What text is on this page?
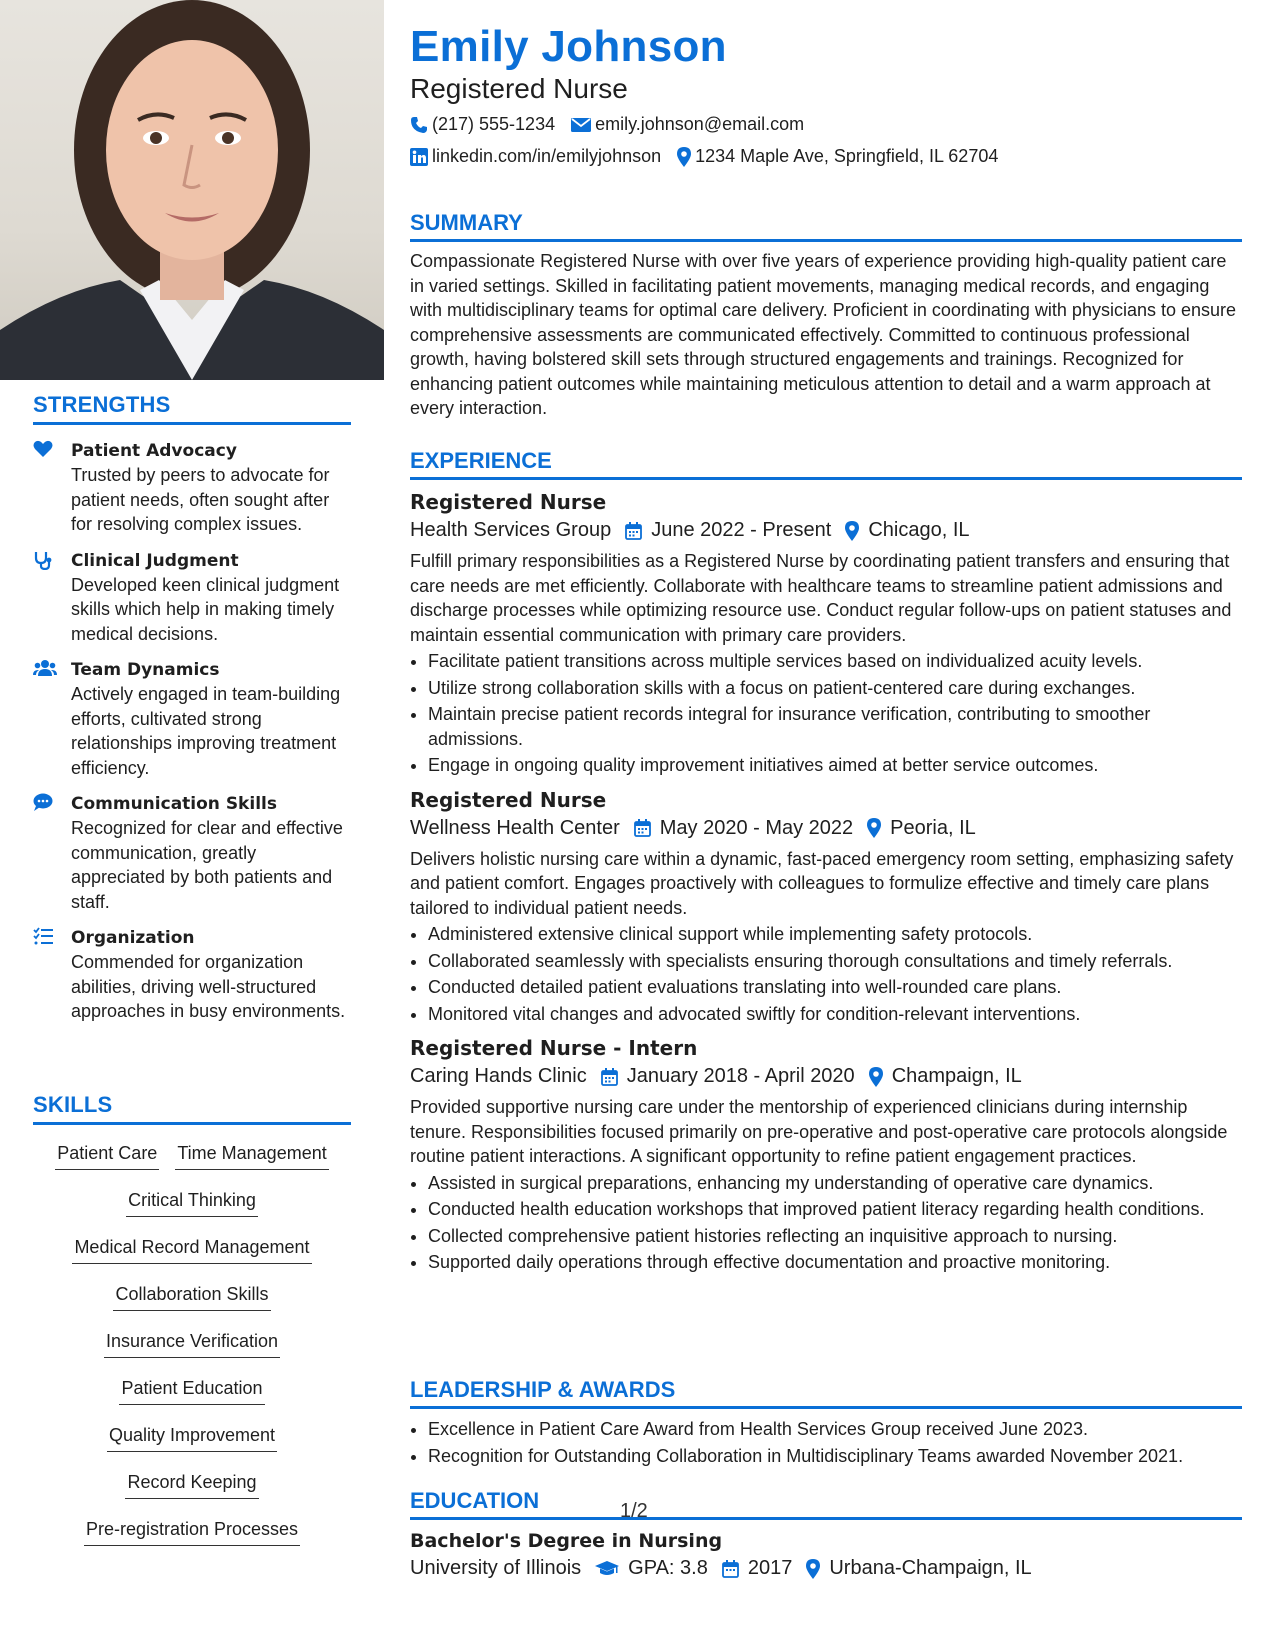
STRENGTHS
Patient Advocacy
Trusted by peers to advocate for patient needs, often sought after for resolving complex issues.
Clinical Judgment
Developed keen clinical judgment skills which help in making timely medical decisions.
Team Dynamics
Actively engaged in team-building efforts, cultivated strong relationships improving treatment efficiency.
Communication Skills
Recognized for clear and effective communication, greatly appreciated by both patients and staff.
Organization
Commended for organization abilities, driving well-structured approaches in busy environments.
SKILLS
Patient Care Time Management
Critical Thinking
Medical Record Management
Collaboration Skills
Insurance Verification
Patient Education
Quality Improvement
Record Keeping
Pre-registration Processes
Emily Johnson
Registered Nurse
(217) 555-1234 emily.johnson@email.com
linkedin.com/in/emilyjohnson 1234 Maple Ave, Springfield, IL 62704
SUMMARY
Compassionate Registered Nurse with over five years of experience providing high-quality patient care in varied settings. Skilled in facilitating patient movements, managing medical records, and engaging with multidisciplinary teams for optimal care delivery. Proficient in coordinating with physicians to ensure comprehensive assessments are communicated effectively. Committed to continuous professional growth, having bolstered skill sets through structured engagements and trainings. Recognized for enhancing patient outcomes while maintaining meticulous attention to detail and a warm approach at every interaction.
EXPERIENCE
Registered Nurse
Health Services Group June 2022 - Present Chicago, IL
Fulfill primary responsibilities as a Registered Nurse by coordinating patient transfers and ensuring that care needs are met efficiently. Collaborate with healthcare teams to streamline patient admissions and discharge processes while optimizing resource use. Conduct regular follow-ups on patient statuses and maintain essential communication with primary care providers.
• Facilitate patient transitions across multiple services based on individualized acuity levels.
• Utilize strong collaboration skills with a focus on patient-centered care during exchanges.
• Maintain precise patient records integral for insurance verification, contributing to smoother admissions.
• Engage in ongoing quality improvement initiatives aimed at better service outcomes.
Registered Nurse
Wellness Health Center May 2020 - May 2022 Peoria, IL
Delivers holistic nursing care within a dynamic, fast-paced emergency room setting, emphasizing safety and patient comfort. Engages proactively with colleagues to formulize effective and timely care plans tailored to individual patient needs.
• Administered extensive clinical support while implementing safety protocols.
• Collaborated seamlessly with specialists ensuring thorough consultations and timely referrals.
• Conducted detailed patient evaluations translating into well-rounded care plans.
• Monitored vital changes and advocated swiftly for condition-relevant interventions.
Registered Nurse - Intern
Caring Hands Clinic January 2018 - April 2020 Champaign, IL
Provided supportive nursing care under the mentorship of experienced clinicians during internship tenure. Responsibilities focused primarily on pre-operative and post-operative care protocols alongside routine patient interactions. A significant opportunity to refine patient engagement practices.
• Assisted in surgical preparations, enhancing my understanding of operative care dynamics.
• Conducted health education workshops that improved patient literacy regarding health conditions.
• Collected comprehensive patient histories reflecting an inquisitive approach to nursing.
• Supported daily operations through effective documentation and proactive monitoring.
LEADERSHIP & AWARDS
• Excellence in Patient Care Award from Health Services Group received June 2023.
• Recognition for Outstanding Collaboration in Multidisciplinary Teams awarded November 2021.
EDUCATION
Bachelor's Degree in Nursing
University of Illinois GPA: 3.8 2017 Urbana-Champaign, IL
1/2
